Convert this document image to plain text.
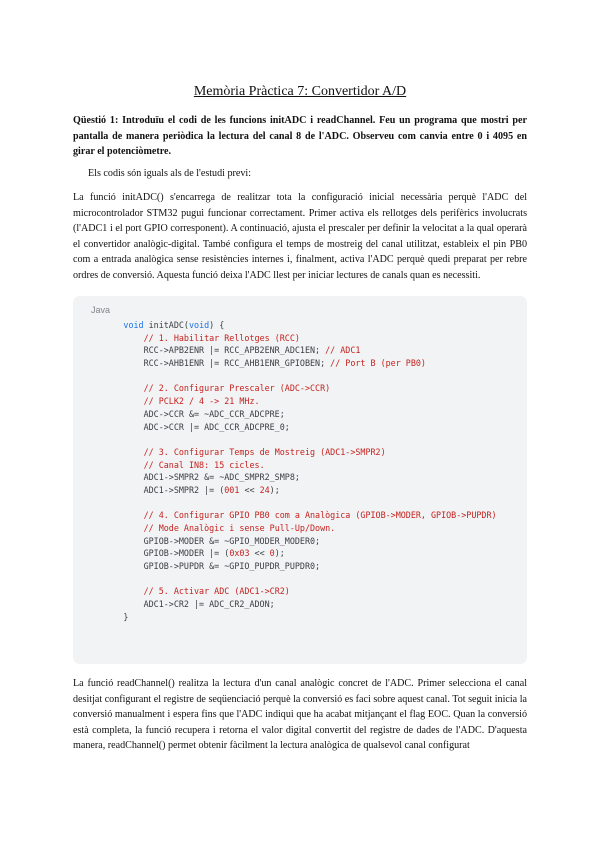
Memòria Pràctica 7: Convertidor A/D

Qüestió 1: Introduïu el codi de les funcions initADC i readChannel. Feu un programa que mostri per pantalla de manera periòdica la lectura del canal 8 de l'ADC. Observeu com canvia entre 0 i 4095 en girar el potenciòmetre.

Els codis són iguals als de l'estudi previ:

La funció initADC() s'encarrega de realitzar tota la configuració inicial necessària perquè l'ADC del microcontrolador STM32 pugui funcionar correctament. Primer activa els rellotges dels perifèrics involucrats (l'ADC1 i el port GPIO corresponent). A continuació, ajusta el prescaler per definir la velocitat a la qual operarà el convertidor analògic-digital. També configura el temps de mostreig del canal utilitzat, estableix el pin PB0 com a entrada analògica sense resistències internes i, finalment, activa l'ADC perquè quedi preparat per rebre ordres de conversió. Aquesta funció deixa l'ADC llest per iniciar lectures de canals quan es necessiti.

Java
void initADC(void) {
// 1. Habilitar Rellotges (RCC)
RCC->APB2ENR |= RCC_APB2ENR_ADC1EN; // ADC1
RCC->AHB1ENR |= RCC_AHB1ENR_GPIOBEN; // Port B (per PB0)

// 2. Configurar Prescaler (ADC->CCR)
// PCLK2 / 4 -> 21 MHz.
ADC->CCR &= ~ADC_CCR_ADCPRE;
ADC->CCR |= ADC_CCR_ADCPRE_0;

// 3. Configurar Temps de Mostreig (ADC1->SMPR2)
// Canal IN8: 15 cicles.
ADC1->SMPR2 &= ~ADC_SMPR2_SMP8;
ADC1->SMPR2 |= (001 << 24);

// 4. Configurar GPIO PB0 com a Analògica (GPIOB->MODER, GPIOB->PUPDR)
// Mode Analògic i sense Pull-Up/Down.
GPIOB->MODER &= ~GPIO_MODER_MODER0;
GPIOB->MODER |= (0x03 << 0);
GPIOB->PUPDR &= ~GPIO_PUPDR_PUPDR0;

// 5. Activar ADC (ADC1->CR2)
ADC1->CR2 |= ADC_CR2_ADON;
}

La funció readChannel() realitza la lectura d'un canal analògic concret de l'ADC. Primer selecciona el canal desitjat configurant el registre de seqüenciació perquè la conversió es faci sobre aquest canal. Tot seguit inicia la conversió manualment i espera fins que l'ADC indiqui que ha acabat mitjançant el flag EOC. Quan la conversió està completa, la funció recupera i retorna el valor digital convertit del registre de dades de l'ADC. D'aquesta manera, readChannel() permet obtenir fàcilment la lectura analògica de qualsevol canal configurat
